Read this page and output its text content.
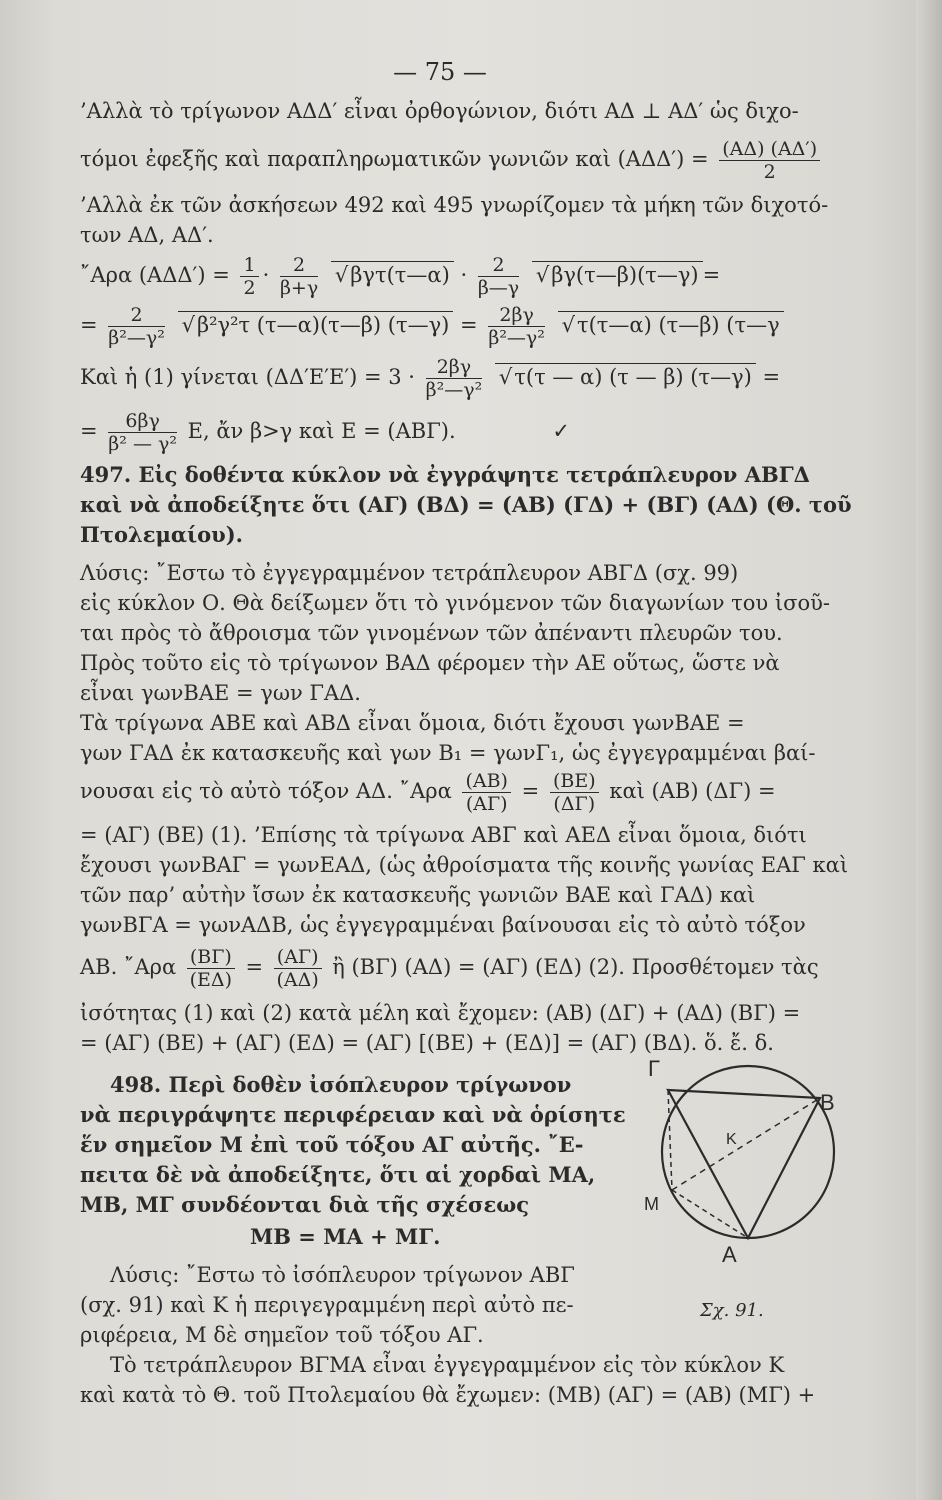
— 75 —
’Αλλὰ τὸ τρίγωνον ΑΔΔ′ εἶναι ὀρθογώνιον, διότι ΑΔ ⊥ ΑΔ′ ὡς διχο-
τόμοι ἐφεξῆς καὶ παραπληρωματικῶν γωνιῶν καὶ $(A\Delta\Delta') = \frac{(A\Delta) (A\Delta')}{2}$
’Αλλὰ ἐκ τῶν ἀσκήσεων 492 καὶ 495 γνωρίζομεν τὰ μήκη τῶν διχοτό-
των ΑΔ, ΑΔ′.
῎Αρα $(A\Delta\Delta') = \frac{1}{2} \cdot \frac{2}{\beta+\gamma}$ √ βγτ(τ—α) · $\frac{2}{\beta—\gamma}$ √ βγ(τ—β)(τ—γ) =
= $\frac{2}{\text{β²—γ²}}$ √ β²γ²τ (τ—α)(τ—β) (τ—γ) = $\frac{2\beta\gamma}{\text{β²—γ²}}$ √ τ(τ—α) (τ—β) (τ—γ
Καὶ ἡ (1) γίνεται $(\Delta\Delta'E'E') = 3 \cdot \frac{2\beta\gamma}{\text{β²—γ²}}$ √ τ(τ — α) (τ — β) (τ—γ) =
= $\frac{6\beta\gamma}{\text{β² — γ²}} E$, ἄν β>γ καὶ Ε = (ΑΒΓ).	✓
497. Εἰς δοθέντα κύκλον νὰ ἐγγράψητε τετράπλευρον ΑΒΓΔ
καὶ νὰ ἀποδείξητε ὅτι (ΑΓ) (ΒΔ) = (ΑΒ) (ΓΔ) + (ΒΓ) (ΑΔ) (Θ. τοῦ
Πτολεμαίου).
Λύσις: ῎Εστω τὸ ἐγγεγραμμένον τετράπλευρον ΑΒΓΔ (σχ. 99)
εἰς κύκλον Ο. Θὰ δείξωμεν ὅτι τὸ γινόμενον τῶν διαγωνίων του ἰσοῦ-
ται πρὸς τὸ ἄθροισμα τῶν γινομένων τῶν ἀπέναντι πλευρῶν του.
Πρὸς τοῦτο εἰς τὸ τρίγωνον ΒΑΔ φέρομεν τὴν ΑΕ οὕτως, ὥστε νὰ
εἶναι γωνΒΑΕ = γων ΓΑΔ.
Τὰ τρίγωνα ΑΒΕ καὶ ΑΒΔ εἶναι ὅμοια, διότι ἔχουσι γωνΒΑΕ =
γων ΓΑΔ ἐκ κατασκευῆς καὶ γων Β₁ = γωνΓ₁, ὡς ἐγγεγραμμέναι βαί-
νουσαι εἰς τὸ αὐτὸ τόξον ΑΔ. ῎Αρα $\frac{(AB)}{(A\Gamma)} = \frac{(BE)}{(\Delta\Gamma)}$ καὶ (ΑΒ) (ΔΓ) =
= (ΑΓ) (ΒΕ) (1). ’Επίσης τὰ τρίγωνα ΑΒΓ καὶ ΑΕΔ εἶναι ὅμοια, διότι
ἔχουσι γωνΒΑΓ = γωνΕΑΔ, (ὡς ἀθροίσματα τῆς κοινῆς γωνίας ΕΑΓ καὶ
τῶν παρ’ αὐτὴν ἴσων ἐκ κατασκευῆς γωνιῶν ΒΑΕ καὶ ΓΑΔ) καὶ
γωνΒΓΑ = γωνΑΔΒ, ὡς ἐγγεγραμμέναι βαίνουσαι εἰς τὸ αὐτὸ τόξον
ΑΒ. ῎Αρα $\frac{(B\Gamma)}{(E\Delta)} = \frac{(A\Gamma)}{(A\Delta)}$ ἢ (ΒΓ) (ΑΔ) = (ΑΓ) (ΕΔ) (2). Προσθέτομεν τὰς
ἰσότητας (1) καὶ (2) κατὰ μέλη καὶ ἔχομεν: (ΑΒ) (ΔΓ) + (ΑΔ) (ΒΓ) =
= (ΑΓ) (ΒΕ) + (ΑΓ) (ΕΔ) = (ΑΓ) [(ΒΕ) + (ΕΔ)] = (ΑΓ) (ΒΔ). ὅ. ἔ. δ.
498. Περὶ δοθὲν ἰσόπλευρον τρίγωνον
νὰ περιγράψητε περιφέρειαν καὶ νὰ ὁρίσητε
ἕν σημεῖον Μ ἐπὶ τοῦ τόξου ΑΓ αὐτῆς. ῎Ε-
πειτα δὲ νὰ ἀποδείξητε, ὅτι αἱ χορδαὶ ΜΑ,
ΜΒ, ΜΓ συνδέονται διὰ τῆς σχέσεως
ΜΒ = ΜΑ + ΜΓ.
Λύσις: ῎Εστω τὸ ἰσόπλευρον τρίγωνον ΑΒΓ
(σχ. 91) καὶ Κ ἡ περιγεγραμμένη περὶ αὐτὸ πε-
ριφέρεια, Μ δὲ σημεῖον τοῦ τόξου ΑΓ.
Τὸ τετράπλευρον ΒΓΜΑ εἶναι ἐγγεγραμμένον εἰς τὸν κύκλον Κ
καὶ κατὰ τὸ Θ. τοῦ Πτολεμαίου θὰ ἔχωμεν: (ΜΒ) (ΑΓ) = (ΑΒ) (ΜΓ) +
Γ
Β
Κ
Μ
Α
Σχ. 91.
